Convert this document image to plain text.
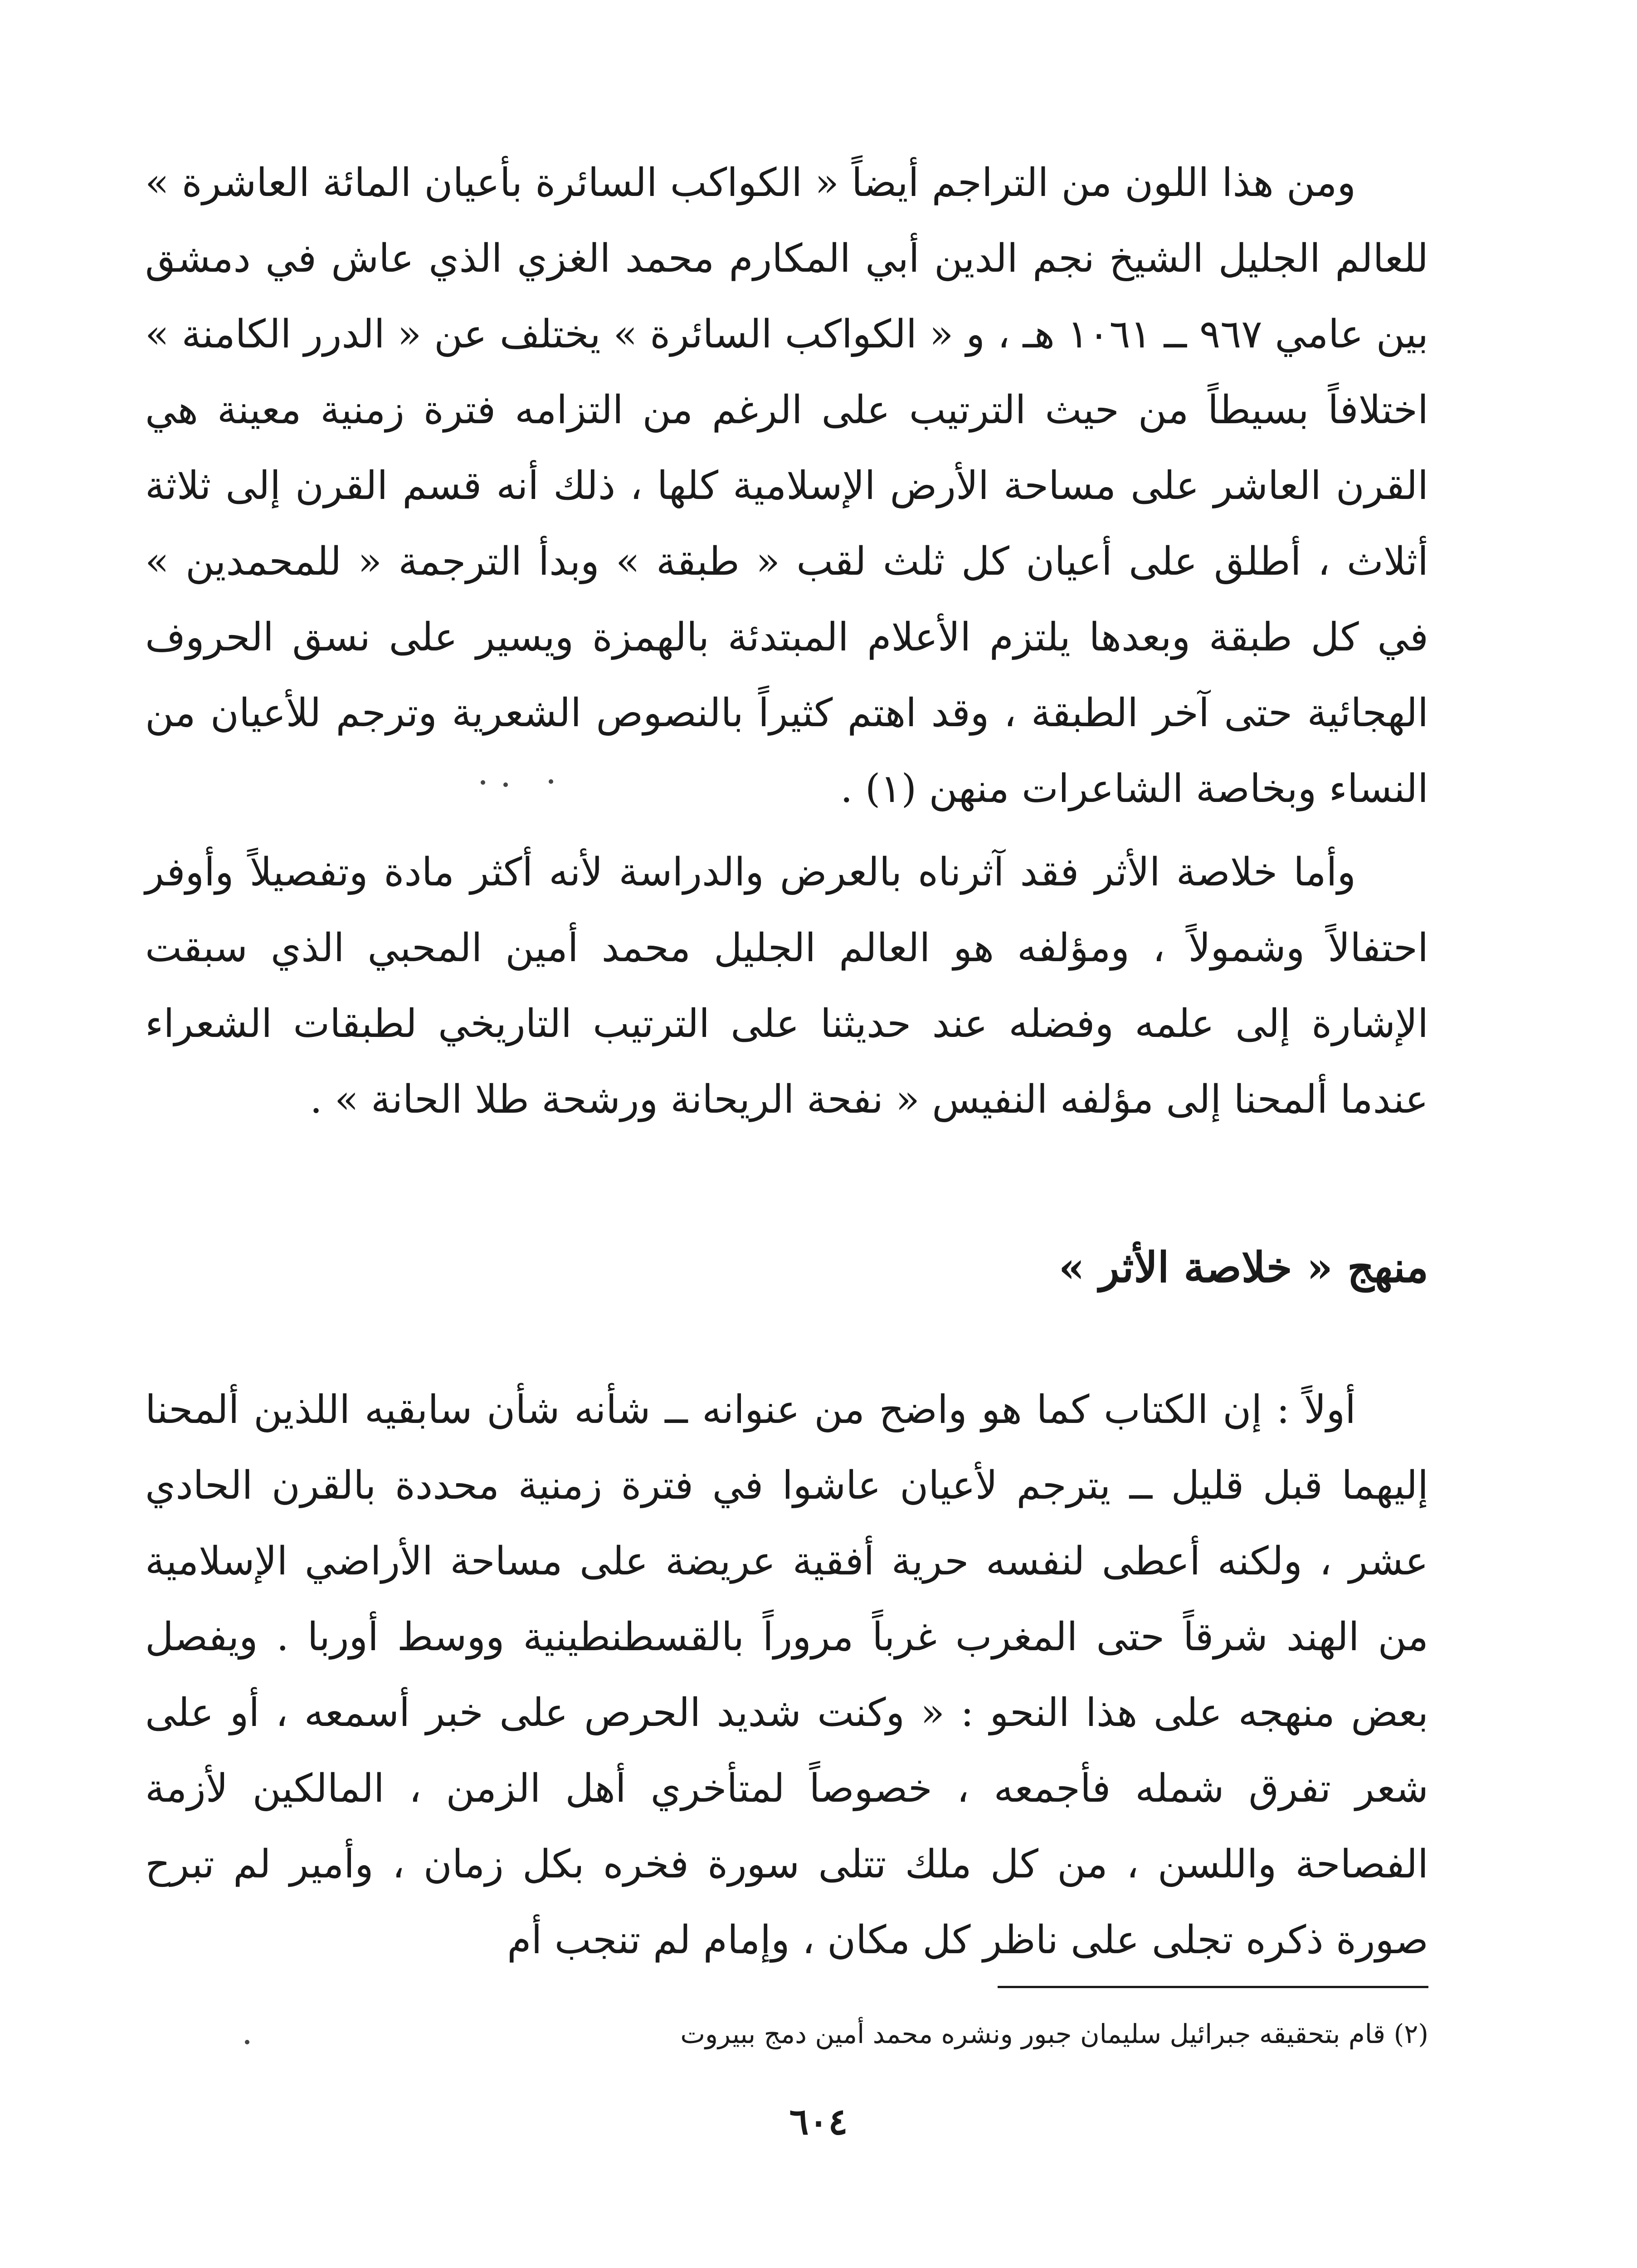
ومن هذا اللون من التراجم أيضاً « الكواكب السائرة بأعيان المائة العاشرة » للعالم الجليل الشيخ نجم الدين أبي المكارم محمد الغزي الذي عاش في دمشق بين عامي ٩٦٧ ــ ١٠٦١ هـ ، و « الكواكب السائرة » يختلف عن « الدرر الكامنة » اختلافاً بسيطاً من حيث الترتيب على الرغم من التزامه فترة زمنية معينة هي القرن العاشر على مساحة الأرض الإسلامية كلها ، ذلك أنه قسم القرن إلى ثلاثة أثلاث ، أطلق على أعيان كل ثلث لقب « طبقة » وبدأ الترجمة « للمحمدين » في كل طبقة وبعدها يلتزم الأعلام المبتدئة بالهمزة ويسير على نسق الحروف الهجائية حتى آخر الطبقة ، وقد اهتم كثيراً بالنصوص الشعرية وترجم للأعيان من النساء وبخاصة الشاعرات منهن (١) .

وأما خلاصة الأثر فقد آثرناه بالعرض والدراسة لأنه أكثر مادة وتفصيلاً وأوفر احتفالاً وشمولاً ، ومؤلفه هو العالم الجليل محمد أمين المحبي الذي سبقت الإشارة إلى علمه وفضله عند حديثنا على الترتيب التاريخي لطبقات الشعراء عندما ألمحنا إلى مؤلفه النفيس « نفحة الريحانة ورشحة طلا الحانة » .

منهج « خلاصة الأثر »

أولاً : إن الكتاب كما هو واضح من عنوانه ــ شأنه شأن سابقيه اللذين ألمحنا إليهما قبل قليل ــ يترجم لأعيان عاشوا في فترة زمنية محددة بالقرن الحادي عشر ، ولكنه أعطى لنفسه حرية أفقية عريضة على مساحة الأراضي الإسلامية من الهند شرقاً حتى المغرب غرباً مروراً بالقسطنطينية ووسط أوربا . ويفصل بعض منهجه على هذا النحو : « وكنت شديد الحرص على خبر أسمعه ، أو على شعر تفرق شمله فأجمعه ، خصوصاً لمتأخري أهل الزمن ، المالكين لأزمة الفصاحة واللسن ، من كل ملك تتلى سورة فخره بكل زمان ، وأمير لم تبرح صورة ذكره تجلى على ناظر كل مكان ، وإمام لم تنجب أم

(٢) قام بتحقيقه جبرائيل سليمان جبور ونشره محمد أمين دمج ببيروت
٦٠٤
